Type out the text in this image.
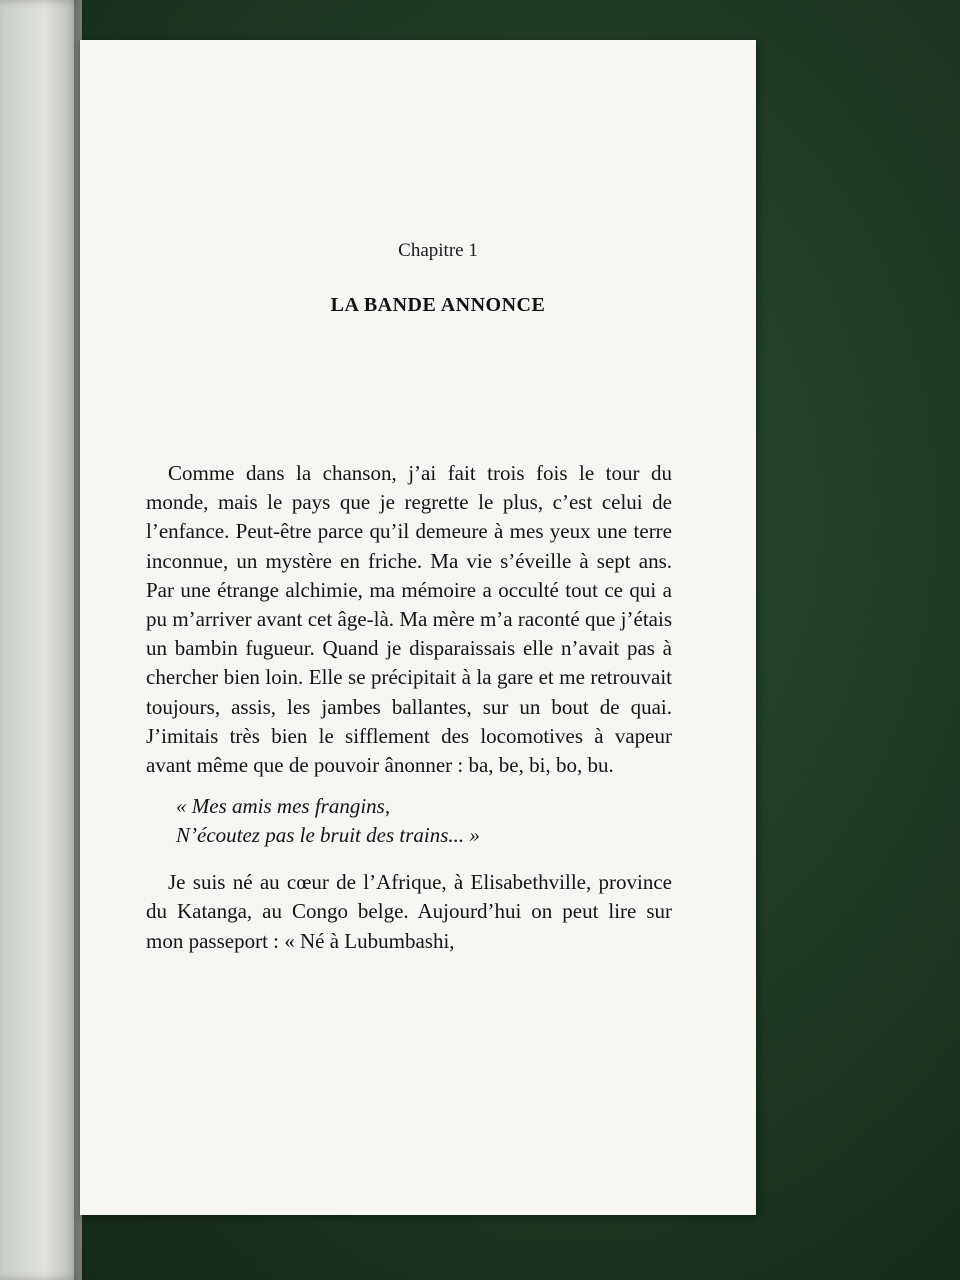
Chapitre 1
LA BANDE ANNONCE

Comme dans la chanson, j’ai fait trois fois le tour du monde, mais le pays que je regrette le plus, c’est celui de l’enfance. Peut-être parce qu’il demeure à mes yeux une terre inconnue, un mystère en friche. Ma vie s’éveille à sept ans. Par une étrange alchimie, ma mémoire a occulté tout ce qui a pu m’arriver avant cet âge-là. Ma mère m’a raconté que j’étais un bambin fugueur. Quand je disparaissais elle n’avait pas à chercher bien loin. Elle se précipitait à la gare et me retrouvait toujours, assis, les jambes ballantes, sur un bout de quai. J’imitais très bien le sifflement des locomotives à vapeur avant même que de pouvoir ânonner : ba, be, bi, bo, bu.

« Mes amis mes frangins,
N’écoutez pas le bruit des trains... »

Je suis né au cœur de l’Afrique, à Elisabethville, province du Katanga, au Congo belge. Aujourd’hui on peut lire sur mon passeport : « Né à Lubumbashi,
